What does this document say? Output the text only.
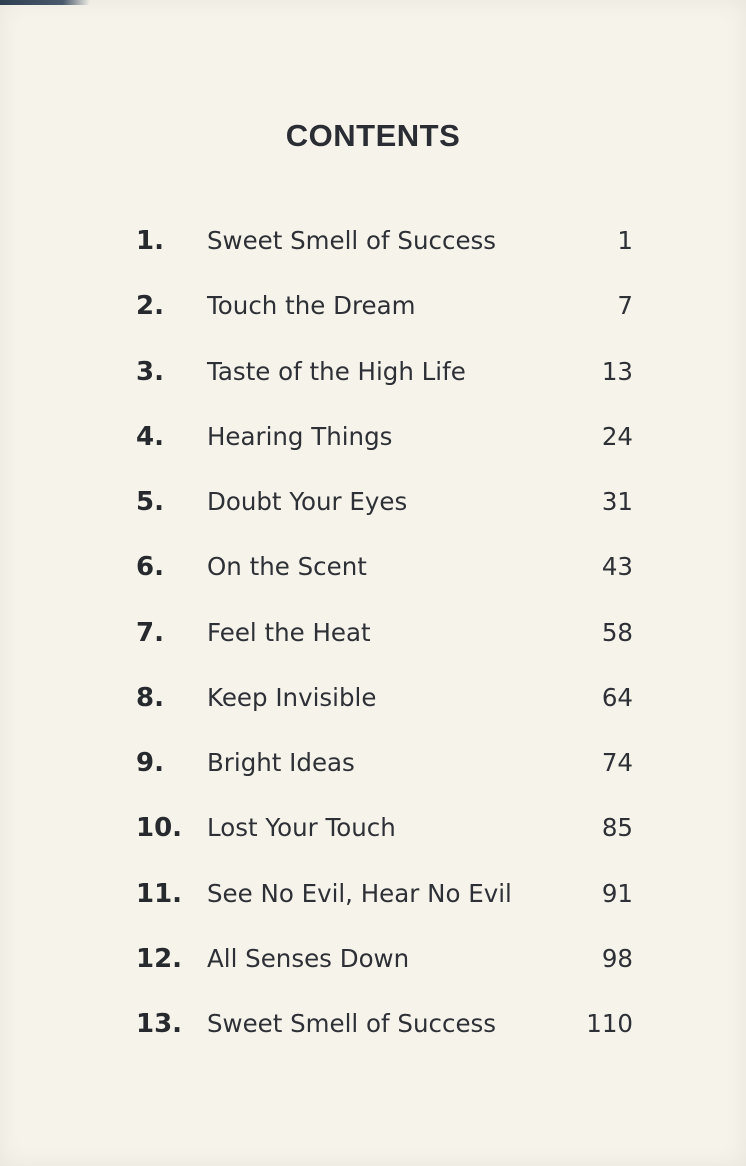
CONTENTS
1. Sweet Smell of Success	1
2. Touch the Dream	7
3. Taste of the High Life	13
4. Hearing Things	24
5. Doubt Your Eyes	31
6. On the Scent	43
7. Feel the Heat	58
8. Keep Invisible	64
9. Bright Ideas	74
10. Lost Your Touch	85
11. See No Evil, Hear No Evil	91
12. All Senses Down	98
13. Sweet Smell of Success	110
